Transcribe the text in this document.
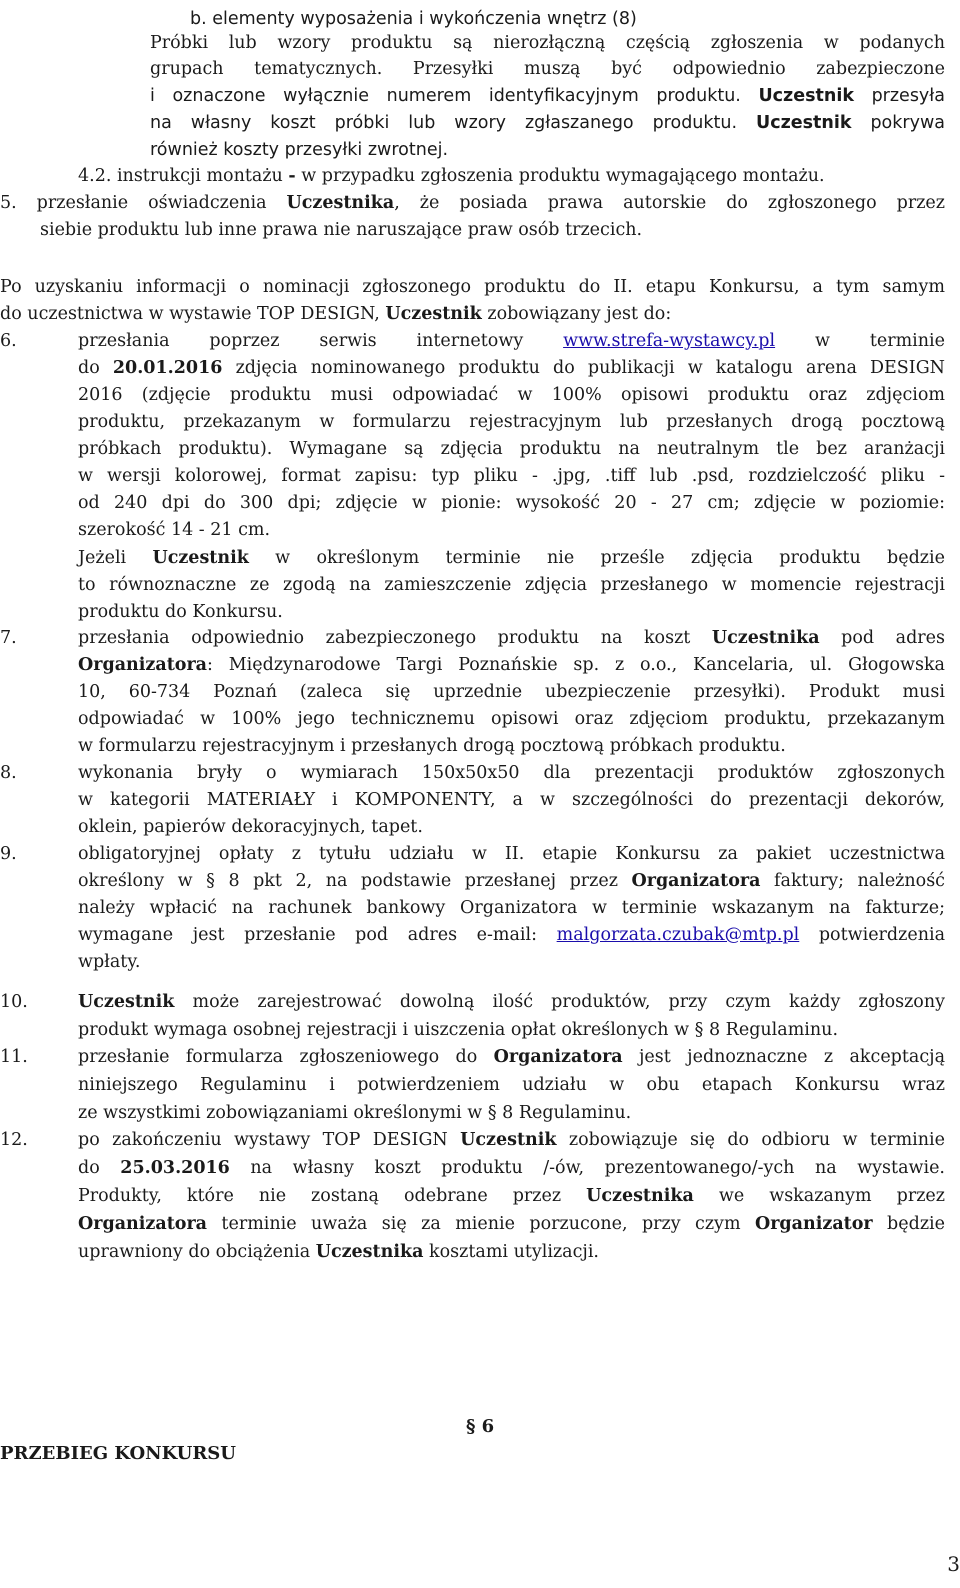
b. elementy wyposażenia i wykończenia wnętrz (8)
Próbki lub wzory produktu są nierozłączną częścią zgłoszenia w podanych
grupach tematycznych. Przesyłki muszą być odpowiednio zabezpieczone
i oznaczone wyłącznie numerem identyfikacyjnym produktu. Uczestnik przesyła
na własny koszt próbki lub wzory zgłaszanego produktu. Uczestnik pokrywa
również koszty przesyłki zwrotnej.
4.2. instrukcji montażu - w przypadku zgłoszenia produktu wymagającego montażu.
5. przesłanie oświadczenia Uczestnika, że posiada prawa autorskie do zgłoszonego przez
siebie produktu lub inne prawa nie naruszające praw osób trzecich.
Po uzyskaniu informacji o nominacji zgłoszonego produktu do II. etapu Konkursu, a tym samym
do uczestnictwa w wystawie TOP DESIGN, Uczestnik zobowiązany jest do:
6.	przesłania poprzez serwis internetowy www.strefa-wystawcy.pl w terminie
do 20.01.2016 zdjęcia nominowanego produktu do publikacji w katalogu arena DESIGN
2016 (zdjęcie produktu musi odpowiadać w 100% opisowi produktu oraz zdjęciom
produktu, przekazanym w formularzu rejestracyjnym lub przesłanych drogą pocztową
próbkach produktu). Wymagane są zdjęcia produktu na neutralnym tle bez aranżacji
w wersji kolorowej, format zapisu: typ pliku - .jpg, .tiff lub .psd, rozdzielczość pliku -
od 240 dpi do 300 dpi; zdjęcie w pionie: wysokość 20 - 27 cm; zdjęcie w poziomie:
szerokość 14 - 21 cm.
Jeżeli Uczestnik w określonym terminie nie prześle zdjęcia produktu będzie
to równoznaczne ze zgodą na zamieszczenie zdjęcia przesłanego w momencie rejestracji
produktu do Konkursu.
7.	przesłania odpowiednio zabezpieczonego produktu na koszt Uczestnika pod adres
Organizatora: Międzynarodowe Targi Poznańskie sp. z o.o., Kancelaria, ul. Głogowska
10, 60-734 Poznań (zaleca się uprzednie ubezpieczenie przesyłki). Produkt musi
odpowiadać w 100% jego technicznemu opisowi oraz zdjęciom produktu, przekazanym
w formularzu rejestracyjnym i przesłanych drogą pocztową próbkach produktu.
8.	wykonania bryły o wymiarach 150x50x50 dla prezentacji produktów zgłoszonych
w kategorii MATERIAŁY i KOMPONENTY, a w szczególności do prezentacji dekorów,
oklein, papierów dekoracyjnych, tapet.
9.	obligatoryjnej opłaty z tytułu udziału w II. etapie Konkursu za pakiet uczestnictwa
określony w § 8 pkt 2, na podstawie przesłanej przez Organizatora faktury; należność
należy wpłacić na rachunek bankowy Organizatora w terminie wskazanym na fakturze;
wymagane jest przesłanie pod adres e-mail: malgorzata.czubak@mtp.pl potwierdzenia
wpłaty.
10.	Uczestnik może zarejestrować dowolną ilość produktów, przy czym każdy zgłoszony
produkt wymaga osobnej rejestracji i uiszczenia opłat określonych w § 8 Regulaminu.
11.	przesłanie formularza zgłoszeniowego do Organizatora jest jednoznaczne z akceptacją
niniejszego Regulaminu i potwierdzeniem udziału w obu etapach Konkursu wraz
ze wszystkimi zobowiązaniami określonymi w § 8 Regulaminu.
12.	po zakończeniu wystawy TOP DESIGN Uczestnik zobowiązuje się do odbioru w terminie
do 25.03.2016 na własny koszt produktu /-ów, prezentowanego/-ych na wystawie.
Produkty, które nie zostaną odebrane przez Uczestnika we wskazanym przez
Organizatora terminie uważa się za mienie porzucone, przy czym Organizator będzie
uprawniony do obciążenia Uczestnika kosztami utylizacji.
§ 6
PRZEBIEG KONKURSU
3
